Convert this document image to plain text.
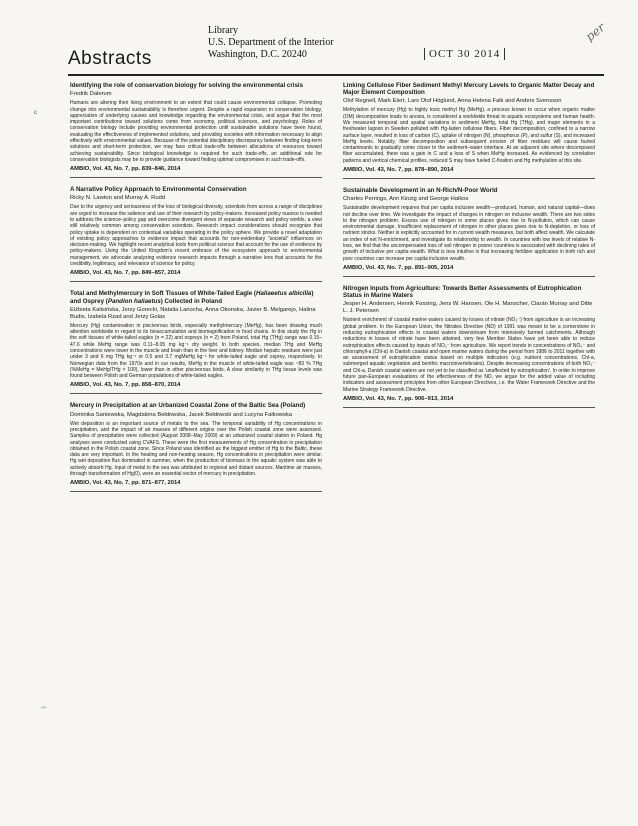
Abstracts
Library
U.S. Department of the Interior
Washington, D.C. 20240	OCT 30 2014
per
ᶜ
⌁

Identifying the role of conservation biology for solving the environmental crisis

Fredrik Dalerum

Humans are altering their living environment to an extent that could cause environmental collapse. Promoting change into environmental sustainability is therefore urgent. Despite a rapid expansion in conservation biology, appreciation of underlying causes and knowledge regarding the environmental crisis, and argue that the most important contributions toward solutions come from economy, political sciences, and psychology. Roles of conservation biology include providing environmental protection until sustainable solutions have been found, evaluating the effectiveness of implemented solutions, and providing societies with information necessary to align effectively with environmental values. Because of the potential disciplinary discrepancy between finding long-term solutions and short-term protection, we may face critical trade-offs between allocations of resources toward achieving sustainability. Since biological knowledge is required for such trade-offs, an additional role for conservation biologists may be to provide guidance toward finding optimal compromises in such trade-offs.

AMBIO, Vol. 43, No. 7, pp. 839–846, 2014

A Narrative Policy Approach to Environmental Conservation

Ricky N. Lawton and Murray A. Rudd

Due to the urgency and seriousness of the loss of biological diversity, scientists from across a range of disciplines are urged to increase the salience and use of their research by policy-makers. Increased policy nuance is needed to address the science–policy gap and overcome divergent views of separate research and policy worlds, a view still relatively common among conservation scientists. Research impact considerations should recognize that policy uptake is dependent on contextual variables operating in the policy sphere. We provide a novel adaptation of existing policy approaches to evidence impact that accounts for non-evidentiary "societal" influences on decision-making. We highlight recent analytical tools from political science that account for the use of evidence by policy-makers. Using the United Kingdom's recent embrace of the ecosystem approach to environmental management, we advocate analyzing evidence research impacts through a narrative lens that accounts for the credibility, legitimacy, and relevance of science for policy.

AMBIO, Vol. 43, No. 7, pp. 849–857, 2014

Total and Methylmercury in Soft Tissues of White-Tailed Eagle (Haliaeetus albicilla) and Osprey (Pandion haliaetus) Collected in Poland

Elżbieta Kalisińska, Jerzy Gorecki, Natalia Lanocha, Anna Okonska, Javier B. Melgarejo, Halina Budis, Izabela Rzad and Jerzy Golas

Mercury (Hg) contamination in piscivorous birds, especially methylmercury (MeHg), has been drawing much attention worldwide in regard to its bioaccumulation and biomagnification in food chains. In this study the Hg in the soft tissues of white-tailed eagles (n = 22) and ospreys (n = 2) from Poland, total Hg (THg) range was 0.15–47.6 while MeHg range was 0.11–8.05 mg kg⁻¹ dry weight. In both species, median THg and MeHg concentrations were lower in the muscle and brain than in the liver and kidney. Median hepatic residues were just under 3 and 6 mg THg kg⁻¹ or 0.5 and 3.7 mgMeHg kg⁻¹ for white-tailed eagle and osprey, respectively. In Norwegian data from the 1970s and in our results, MeHg in the muscle of white-tailed eagle was ~83 % THg (%MeHg = MeHg/THg × 100), lower than in other piscivorous birds. A clear similarity in THg tissue levels was found between Polish and German populations of white-tailed eagles.

AMBIO, Vol. 43, No. 7, pp. 858–870, 2014

Mercury in Precipitation at an Urbanized Coastal Zone of the Baltic Sea (Poland)

Dominika Saniewska, Magdalena Bełdowska, Jacek Bełdowski and Lucyna Falkowska

Wet deposition is an important source of metals to the sea. The temporal variability of Hg concentrations in precipitation, and the impact of air masses of different origins over the Polish coastal zone were assessed. Samples of precipitation were collected (August 2008–May 2009) at an urbanized coastal station in Poland. Hg analyses were conducted using CVAFS. These were the first measurements of Hg concentration in precipitation obtained in the Polish coastal zone. Since Poland was identified as the biggest emitter of Hg to the Baltic, these data are very important. In the heating and non-heating season, Hg concentrations in precipitation were similar. Hg wet deposition flux dominated in summer, when the production of biomass in the aquatic system was able to actively absorb Hg. Input of metal to the sea was attributed to regional and distant sources. Maritime air masses, through transformation of Hg(0), were an essential vector of mercury in precipitation.

AMBIO, Vol. 43, No. 7, pp. 871–877, 2014

Linking Cellulose Fiber Sediment Methyl Mercury Levels to Organic Matter Decay and Major Element Composition

Olof Regnell, Mark Elert, Lars Olof Höglund, Anna Helena Falk and Anders Svensson

Methylation of mercury (Hg) to highly toxic methyl Hg (MeHg), a process known to occur when organic matter (OM) decomposition leads to anoxia, is considered a worldwide threat to aquatic ecosystems and human health. We measured temporal and spatial variations in sediment MeHg, total Hg (THg), and major elements in a freshwater lagoon in Sweden polluted with Hg-laden cellulose fibers. Fiber decomposition, confined to a narrow surface layer, resulted in loss of carbon (C), uptake of nitrogen (N), phosphorus (P), and sulfur (S), and increased MeHg levels. Notably, fiber decomposition and subsequent erosion of fiber residues will cause buried contaminants to gradually come closer to the sediment–water interface. At an adjacent site where decomposed fiber accumulated, there was a gain in C and a loss of S when MeHg increased. As evidenced by correlation patterns and vertical chemical profiles, reduced S may have fueled C-fixation and Hg methylation at this site.

AMBIO, Vol. 43, No. 7, pp. 878–890, 2014

Sustainable Development in an N-Rich/N-Poor World

Charles Perrings, Ann Kinzig and George Halkos

Sustainable development requires that per capita inclusive wealth—produced, human, and natural capital—does not decline over time. We investigate the impact of changes in nitrogen on inclusive wealth. There are two sides to the nitrogen problem. Excess use of nitrogen in some places gives rise to N-pollution, which can cause environmental damage. Insufficient replacement of nitrogen in other places gives rise to N-depletion, or loss of nutrient stocks. Neither is explicitly accounted for in current wealth measures, but both affect wealth. We calculate an index of net N-enrichment, and investigate its relationship to wealth. In countries with low levels of relative N-loss, we find that the uncompensated loss of soil nitrogen in poorer countries is associated with declining rates of growth of inclusive per capita wealth. What is less intuitive is that increasing fertilizer application in both rich and poor countries can increase per capita inclusive wealth.

AMBIO, Vol. 43, No. 7, pp. 891–905, 2014

Nitrogen Inputs from Agriculture: Towards Better Assessments of Eutrophication Status in Marine Waters

Jesper H. Andersen, Henrik Fossing, Jens W. Hansen, Ole H. Manscher, Ciarán Murray and Ditte L. J. Petersen

Nutrient enrichment of coastal marine waters caused by losses of nitrate (NO₃⁻) from agriculture is an increasing global problem. In the European Union, the Nitrates Directive (ND) of 1991 was meant to be a cornerstone in reducing eutrophication effects in coastal waters downstream from intensively farmed catchments. Although reductions in losses of nitrate have been attained, very few Member States have yet been able to reduce eutrophication effects caused by inputs of NO₃⁻ from agriculture. We report trends in concentrations of NO₃⁻ and chlorophyll-a (Chl-a) in Danish coastal and open marine waters during the period from 1986 to 2011 together with an assessment of eutrophication status based on multiple indicators (e.g. nutrient concentrations, Chl-a, submerged aquatic vegetation and benthic macroinvertebrates). Despite decreasing concentrations of both NO₃⁻ and Chl-a, Danish coastal waters are not yet to be classified as 'unaffected by eutrophication'. In order to improve future pan-European evaluations of the effectiveness of the ND, we argue for the added value of including indicators and assessment principles from other European Directives, i.e. the Water Framework Directive and the Marine Strategy Framework Directive.

AMBIO, Vol. 43, No. 7, pp. 906–913, 2014
